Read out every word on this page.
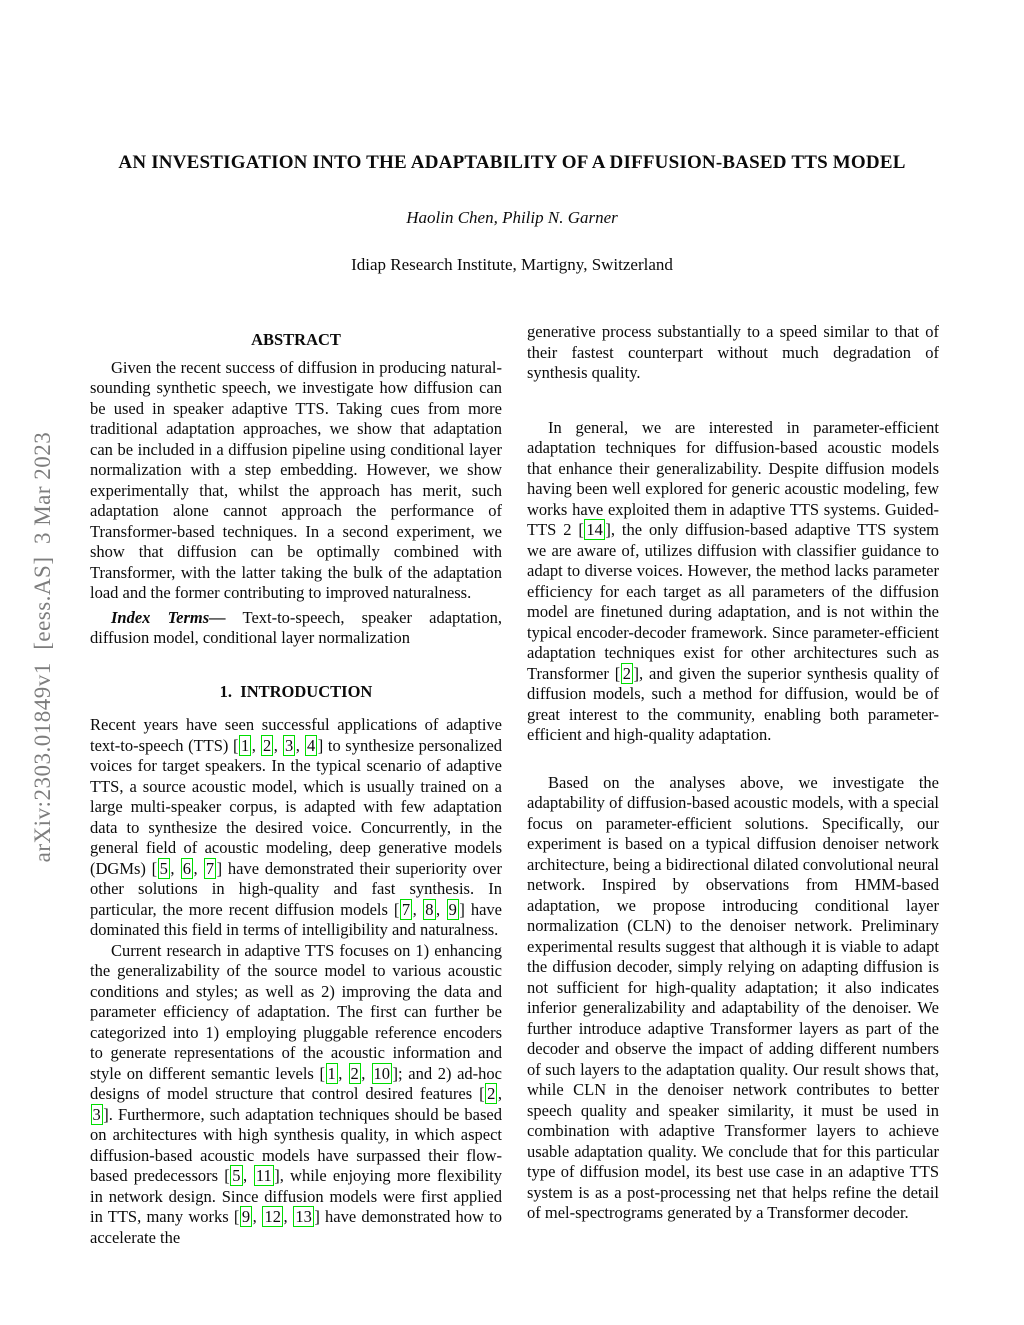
arXiv:2303.01849v1  [eess.AS]  3 Mar 2023
AN INVESTIGATION INTO THE ADAPTABILITY OF A DIFFUSION-BASED TTS MODEL
Haolin Chen, Philip N. Garner
Idiap Research Institute, Martigny, Switzerland
ABSTRACT

Given the recent success of diffusion in producing natural-sounding synthetic speech, we investigate how diffusion can be used in speaker adaptive TTS. Taking cues from more traditional adaptation approaches, we show that adaptation can be included in a diffusion pipeline using conditional layer normalization with a step embedding. However, we show experimentally that, whilst the approach has merit, such adaptation alone cannot approach the performance of Transformer-based techniques. In a second experiment, we show that diffusion can be optimally combined with Transformer, with the latter taking the bulk of the adaptation load and the former contributing to improved naturalness.

Index Terms— Text-to-speech, speaker adaptation, diffusion model, conditional layer normalization

1.  INTRODUCTION

Recent years have seen successful applications of adaptive text-to-speech (TTS) [ 1 , 2 , 3 , 4 ] to synthesize personalized voices for target speakers. In the typical scenario of adaptive TTS, a source acoustic model, which is usually trained on a large multi-speaker corpus, is adapted with few adaptation data to synthesize the desired voice. Concurrently, in the general field of acoustic modeling, deep generative models (DGMs) [ 5 , 6 , 7 ] have demonstrated their superiority over other solutions in high-quality and fast synthesis. In particular, the more recent diffusion models [ 7 , 8 , 9 ] have dominated this field in terms of intelligibility and naturalness.

Current research in adaptive TTS focuses on 1) enhancing the generalizability of the source model to various acoustic conditions and styles; as well as 2) improving the data and parameter efficiency of adaptation. The first can further be categorized into 1) employing pluggable reference encoders to generate representations of the acoustic information and style on different semantic levels [ 1 , 2 , 10 ]; and 2) ad-hoc designs of model structure that control desired features [ 2 , 3 ]. Furthermore, such adaptation techniques should be based on architectures with high synthesis quality, in which aspect diffusion-based acoustic models have surpassed their flow-based predecessors [ 5 , 11 ], while enjoying more flexibility in network design. Since diffusion models were first applied in TTS, many works [ 9 , 12 , 13 ] have demonstrated how to accelerate the

generative process substantially to a speed similar to that of their fastest counterpart without much degradation of synthesis quality.

In general, we are interested in parameter-efficient adaptation techniques for diffusion-based acoustic models that enhance their generalizability. Despite diffusion models having been well explored for generic acoustic modeling, few works have exploited them in adaptive TTS systems. Guided-TTS 2 [ 14 ], the only diffusion-based adaptive TTS system we are aware of, utilizes diffusion with classifier guidance to adapt to diverse voices. However, the method lacks parameter efficiency for each target as all parameters of the diffusion model are finetuned during adaptation, and is not within the typical encoder-decoder framework. Since parameter-efficient adaptation techniques exist for other architectures such as Transformer [ 2 ], and given the superior synthesis quality of diffusion models, such a method for diffusion, would be of great interest to the community, enabling both parameter-efficient and high-quality adaptation.

Based on the analyses above, we investigate the adaptability of diffusion-based acoustic models, with a special focus on parameter-efficient solutions. Specifically, our experiment is based on a typical diffusion denoiser network architecture, being a bidirectional dilated convolutional neural network. Inspired by observations from HMM-based adaptation, we propose introducing conditional layer normalization (CLN) to the denoiser network. Preliminary experimental results suggest that although it is viable to adapt the diffusion decoder, simply relying on adapting diffusion is not sufficient for high-quality adaptation; it also indicates inferior generalizability and adaptability of the denoiser. We further introduce adaptive Transformer layers as part of the decoder and observe the impact of adding different numbers of such layers to the adaptation quality. Our result shows that, while CLN in the denoiser network contributes to better speech quality and speaker similarity, it must be used in combination with adaptive Transformer layers to achieve usable adaptation quality. We conclude that for this particular type of diffusion model, its best use case in an adaptive TTS system is as a post-processing net that helps refine the detail of mel-spectrograms generated by a Transformer decoder.
